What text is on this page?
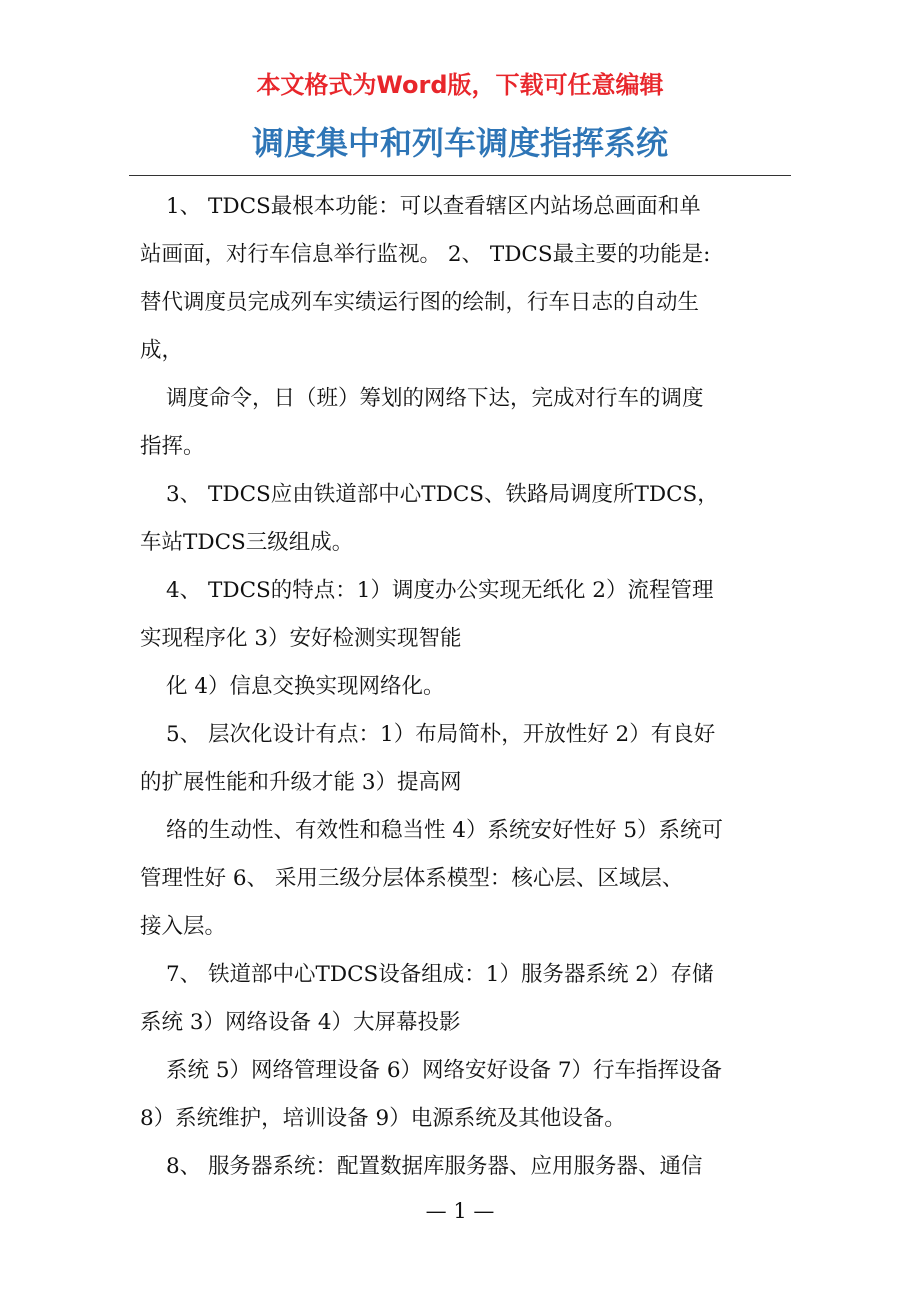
本文格式为Word版，下载可任意编辑
调度集中和列车调度指挥系统
1、 TDCS最根本功能：可以查看辖区内站场总画面和单
站画面，对行车信息举行监视。 2、 TDCS最主要的功能是:
替代调度员完成列车实绩运行图的绘制，行车日志的自动生
成，
调度命令，日（班）筹划的网络下达，完成对行车的调度
指挥。
3、 TDCS应由铁道部中心TDCS、铁路局调度所TDCS，
车站TDCS三级组成。
4、 TDCS的特点：1）调度办公实现无纸化 2）流程管理
实现程序化 3）安好检测实现智能
化 4）信息交换实现网络化。
5、 层次化设计有点：1）布局简朴，开放性好 2）有良好
的扩展性能和升级才能 3）提高网
络的生动性、有效性和稳当性 4）系统安好性好 5）系统可
管理性好 6、 采用三级分层体系模型：核心层、区域层、
接入层。
7、 铁道部中心TDCS设备组成：1）服务器系统 2）存储
系统 3）网络设备 4）大屏幕投影
系统 5）网络管理设备 6）网络安好设备 7）行车指挥设备
8）系统维护，培训设备 9）电源系统及其他设备。
8、 服务器系统：配置数据库服务器、应用服务器、通信
— 1 —
